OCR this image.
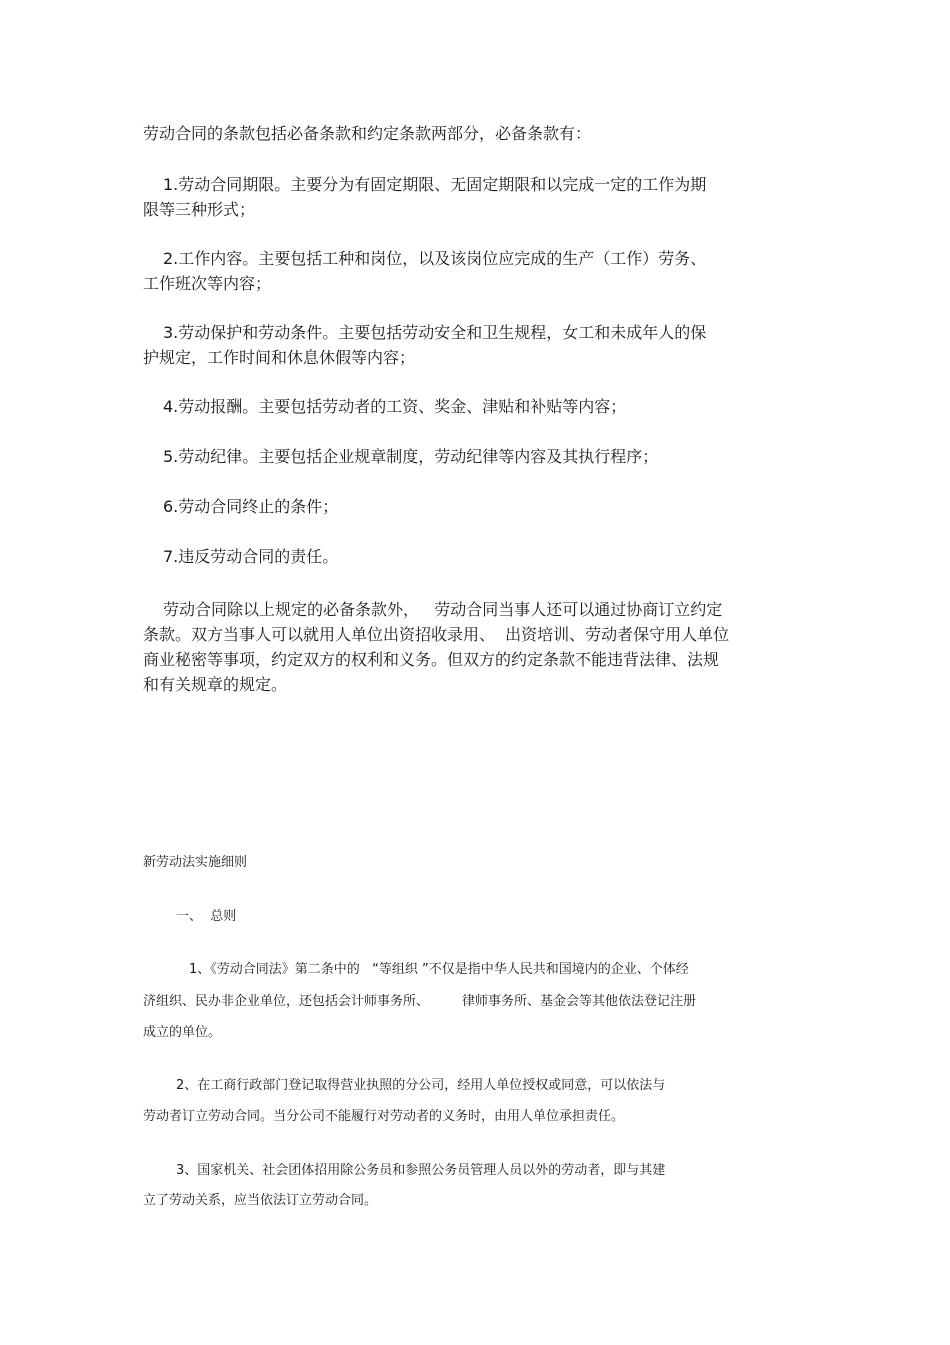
劳动合同的条款包括必备条款和约定条款两部分，必备条款有：
1.劳动合同期限。主要分为有固定期限、无固定期限和以完成一定的工作为期
限等三种形式；
2.工作内容。主要包括工种和岗位，以及该岗位应完成的生产（工作）劳务、
工作班次等内容；
3.劳动保护和劳动条件。主要包括劳动安全和卫生规程，女工和未成年人的保
护规定，工作时间和休息休假等内容；
4.劳动报酬。主要包括劳动者的工资、奖金、津贴和补贴等内容；
5.劳动纪律。主要包括企业规章制度，劳动纪律等内容及其执行程序；
6.劳动合同终止的条件；
7.违反劳动合同的责任。
劳动合同除以上规定的必备条款外，   劳动合同当事人还可以通过协商订立约定
条款。双方当事人可以就用人单位出资招收录用、  出资培训、劳动者保守用人单位
商业秘密等事项，约定双方的权利和义务。但双方的约定条款不能违背法律、法规
和有关规章的规定。
新劳动法实施细则
一、  总则
1、《劳动合同法》第二条中的   “等组织 ”不仅是指中华人民共和国境内的企业、个体经
济组织、民办非企业单位，还包括会计师事务所、        律师事务所、基金会等其他依法登记注册
成立的单位。
2、在工商行政部门登记取得营业执照的分公司，经用人单位授权或同意，可以依法与
劳动者订立劳动合同。当分公司不能履行对劳动者的义务时，由用人单位承担责任。
3、国家机关、社会团体招用除公务员和参照公务员管理人员以外的劳动者，即与其建
立了劳动关系，应当依法订立劳动合同。
